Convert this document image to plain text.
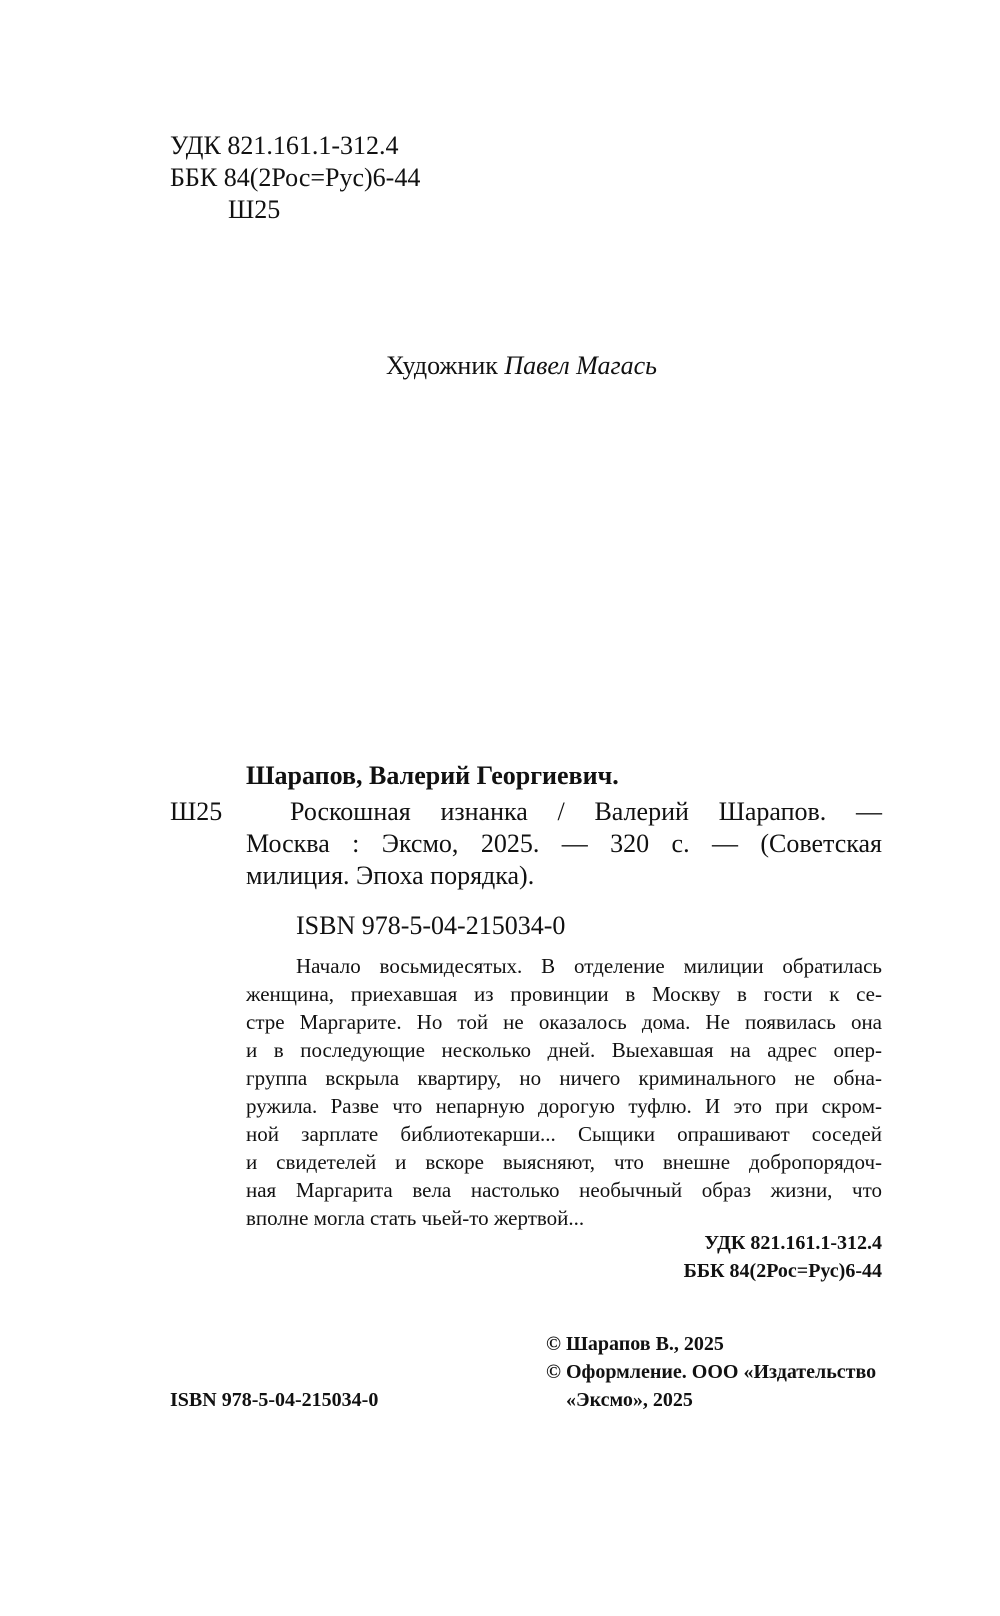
УДК 821.161.1-312.4
ББК 84(2Рос=Рус)6-44
Ш25
Художник Павел Магась
Шарапов, Валерий Георгиевич.
Ш25	Роскошная изнанка / Валерий Шарапов. —
Москва : Эксмо, 2025. — 320 с. — (Советская
милиция. Эпоха порядка).
ISBN 978-5-04-215034-0
Начало восьмидесятых. В отделение милиции обратилась
женщина, приехавшая из провинции в Москву в гости к се-
стре Маргарите. Но той не оказалось дома. Не появилась она
и в последующие несколько дней. Выехавшая на адрес опер-
группа вскрыла квартиру, но ничего криминального не обна-
ружила. Разве что непарную дорогую туфлю. И это при скром-
ной зарплате библиотекарши... Сыщики опрашивают соседей
и свидетелей и вскоре выясняют, что внешне добропорядоч-
ная Маргарита вела настолько необычный образ жизни, что
вполне могла стать чьей-то жертвой...
УДК 821.161.1-312.4
ББК 84(2Рос=Рус)6-44
© Шарапов В., 2025
© Оформление. ООО «Издательство
«Эксмо», 2025
ISBN 978-5-04-215034-0
